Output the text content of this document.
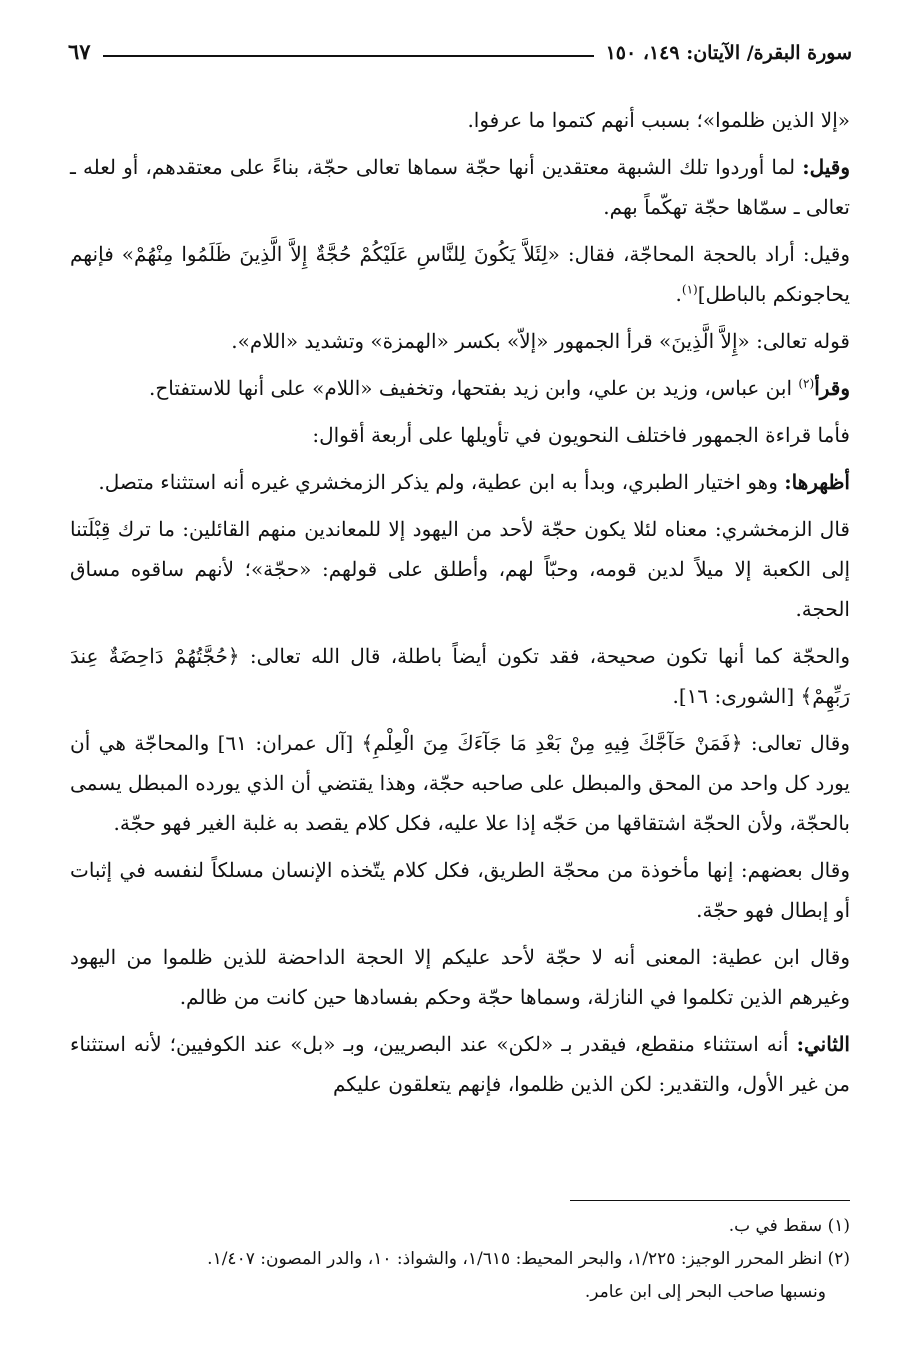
سورة البقرة/ الآيتان: ١٤٩، ١٥٠
٦٧

«إلا الذين ظلموا»؛ بسبب أنهم كتموا ما عرفوا.

وقيل: لما أوردوا تلك الشبهة معتقدين أنها حجّة سماها تعالى حجّة، بناءً على معتقدهم، أو لعله ـ تعالى ـ سمّاها حجّة تهكّماً بهم.

وقيل: أراد بالحجة المحاجّة، فقال: «لِئَلاَّ يَكُونَ لِلنَّاسِ عَلَيْكُمْ حُجَّةٌ إِلاَّ الَّذِينَ ظَلَمُوا مِنْهُمْ» فإنهم يحاجونكم بالباطل]$^{(١)}$.

قوله تعالى: «إِلاَّ الَّذِينَ» قرأ الجمهور «إلاّ» بكسر «الهمزة» وتشديد «اللام».

وقرأ$^{(٢)}$ ابن عباس، وزيد بن علي، وابن زيد بفتحها، وتخفيف «اللام» على أنها للاستفتاح.

فأما قراءة الجمهور فاختلف النحويون في تأويلها على أربعة أقوال:

أظهرها: وهو اختيار الطبري، وبدأ به ابن عطية، ولم يذكر الزمخشري غيره أنه استثناء متصل.

قال الزمخشري: معناه لئلا يكون حجّة لأحد من اليهود إلا للمعاندين منهم القائلين: ما ترك قِبْلَتنا إلى الكعبة إلا ميلاً لدين قومه، وحبّاً لهم، وأطلق على قولهم: «حجّة»؛ لأنهم ساقوه مساق الحجة.

والحجّة كما أنها تكون صحيحة، فقد تكون أيضاً باطلة، قال الله تعالى: ﴿حُجَّتُهُمْ دَاحِضَةٌ عِندَ رَبِّهِمْ﴾ [الشورى: ١٦].

وقال تعالى: ﴿فَمَنْ حَآجَّكَ فِيهِ مِنْ بَعْدِ مَا جَآءَكَ مِنَ الْعِلْمِ﴾ [آل عمران: ٦١] والمحاجّة هي أن يورد كل واحد من المحق والمبطل على صاحبه حجّة، وهذا يقتضي أن الذي يورده المبطل يسمى بالحجّة، ولأن الحجّة اشتقاقها من حَجّه إذا علا عليه، فكل كلام يقصد به غلبة الغير فهو حجّة.

وقال بعضهم: إنها مأخوذة من محجّة الطريق، فكل كلام يتّخذه الإنسان مسلكاً لنفسه في إثبات أو إبطال فهو حجّة.

وقال ابن عطية: المعنى أنه لا حجّة لأحد عليكم إلا الحجة الداحضة للذين ظلموا من اليهود وغيرهم الذين تكلموا في النازلة، وسماها حجّة وحكم بفسادها حين كانت من ظالم.

الثاني: أنه استثناء منقطع، فيقدر بـ «لكن» عند البصريين، وبـ «بل» عند الكوفيين؛ لأنه استثناء من غير الأول، والتقدير: لكن الذين ظلموا، فإنهم يتعلقون عليكم

(١) سقط في ب.
(٢) انظر المحرر الوجيز: ١/٢٢٥، والبحر المحيط: ١/٦١٥، والشواذ: ١٠، والدر المصون: ١/٤٠٧.
ونسبها صاحب البحر إلى ابن عامر.
